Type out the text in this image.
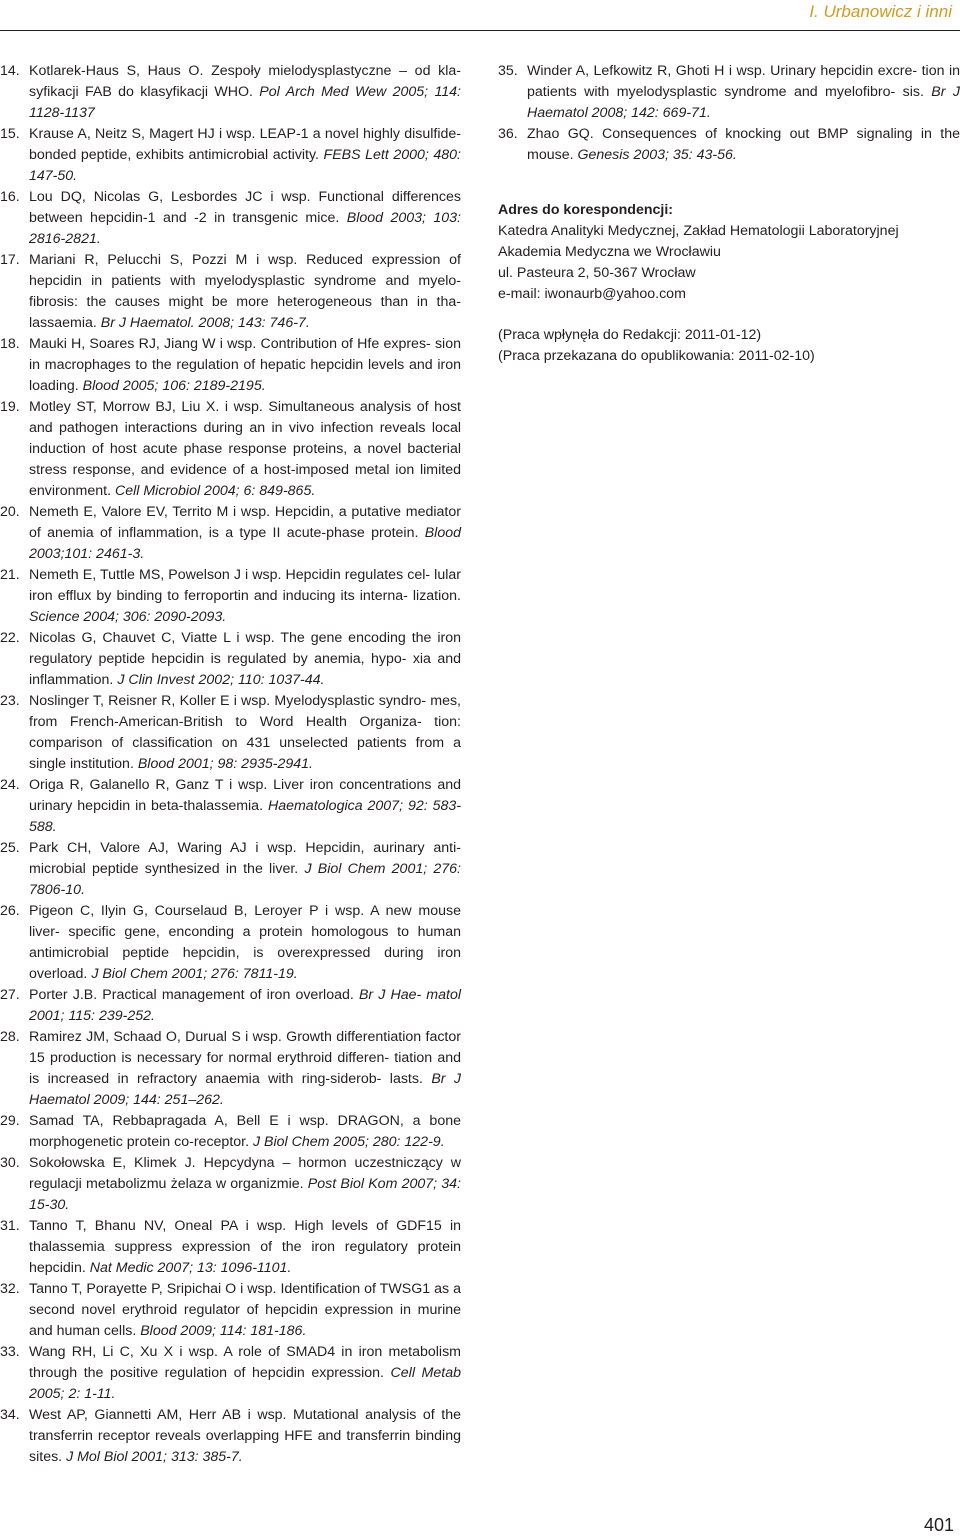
I. Urbanowicz i inni
14. Kotlarek-Haus S, Haus O. Zespoły mielodysplastyczne – od kla- syfikacji FAB do klasyfikacji WHO. Pol Arch Med Wew 2005; 114: 1128-1137
15. Krause A, Neitz S, Magert HJ i wsp. LEAP-1 a novel highly disulfide-bonded peptide, exhibits antimicrobial activity. FEBS Lett 2000; 480: 147-50.
16. Lou DQ, Nicolas G, Lesbordes JC i wsp. Functional differences between hepcidin-1 and -2 in transgenic mice. Blood 2003; 103: 2816-2821.
17. Mariani R, Pelucchi S, Pozzi M i wsp. Reduced expression of hepcidin in patients with myelodysplastic syndrome and myelo- fibrosis: the causes might be more heterogeneous than in tha- lassaemia. Br J Haematol. 2008; 143: 746-7.
18. Mauki H, Soares RJ, Jiang W i wsp. Contribution of Hfe expres- sion in macrophages to the regulation of hepatic hepcidin levels and iron loading. Blood 2005; 106: 2189-2195.
19. Motley ST, Morrow BJ, Liu X. i wsp. Simultaneous analysis of host and pathogen interactions during an in vivo infection reveals local induction of host acute phase response proteins, a novel bacterial stress response, and evidence of a host-imposed metal ion limited environment. Cell Microbiol 2004; 6: 849-865.
20. Nemeth E, Valore EV, Territo M i wsp. Hepcidin, a putative mediator of anemia of inflammation, is a type II acute-phase protein. Blood 2003;101: 2461-3.
21. Nemeth E, Tuttle MS, Powelson J i wsp. Hepcidin regulates cel- lular iron efflux by binding to ferroportin and inducing its interna- lization. Science 2004; 306: 2090-2093.
22. Nicolas G, Chauvet C, Viatte L i wsp. The gene encoding the iron regulatory peptide hepcidin is regulated by anemia, hypo- xia and inflammation. J Clin Invest 2002; 110: 1037-44.
23. Noslinger T, Reisner R, Koller E i wsp. Myelodysplastic syndro- mes, from French-American-British to Word Health Organiza- tion: comparison of classification on 431 unselected patients from a single institution. Blood 2001; 98: 2935-2941.
24. Origa R, Galanello R, Ganz T i wsp. Liver iron concentrations and urinary hepcidin in beta-thalassemia. Haematologica 2007; 92: 583-588.
25. Park CH, Valore AJ, Waring AJ i wsp. Hepcidin, aurinary anti- microbial peptide synthesized in the liver. J Biol Chem 2001; 276: 7806-10.
26. Pigeon C, Ilyin G, Courselaud B, Leroyer P i wsp. A new mouse liver- specific gene, enconding a protein homologous to human antimicrobial peptide hepcidin, is overexpressed during iron overload. J Biol Chem 2001; 276: 7811-19.
27. Porter J.B. Practical management of iron overload. Br J Hae- matol 2001; 115: 239-252.
28. Ramirez JM, Schaad O, Durual S i wsp. Growth differentiation factor 15 production is necessary for normal erythroid differen- tiation and is increased in refractory anaemia with ring-siderob- lasts. Br J Haematol 2009; 144: 251–262.
29. Samad TA, Rebbapragada A, Bell E i wsp. DRAGON, a bone morphogenetic protein co-receptor. J Biol Chem 2005; 280: 122-9.
30. Sokołowska E, Klimek J. Hepcydyna – hormon uczestniczący w regulacji metabolizmu żelaza w organizmie. Post Biol Kom 2007; 34: 15-30.
31. Tanno T, Bhanu NV, Oneal PA i wsp. High levels of GDF15 in thalassemia suppress expression of the iron regulatory protein hepcidin. Nat Medic 2007; 13: 1096-1101.
32. Tanno T, Porayette P, Sripichai O i wsp. Identification of TWSG1 as a second novel erythroid regulator of hepcidin expression in murine and human cells. Blood 2009; 114: 181-186.
33. Wang RH, Li C, Xu X i wsp. A role of SMAD4 in iron metabolism through the positive regulation of hepcidin expression. Cell Metab 2005; 2: 1-11.
34. West AP, Giannetti AM, Herr AB i wsp. Mutational analysis of the transferrin receptor reveals overlapping HFE and transferrin binding sites. J Mol Biol 2001; 313: 385-7.
35. Winder A, Lefkowitz R, Ghoti H i wsp. Urinary hepcidin excre- tion in patients with myelodysplastic syndrome and myelofibro- sis. Br J Haematol 2008; 142: 669-71.
36. Zhao GQ. Consequences of knocking out BMP signaling in the mouse. Genesis 2003; 35: 43-56.
Adres do korespondencji:
Katedra Analityki Medycznej, Zakład Hematologii Laboratoryjnej
Akademia Medyczna we Wrocławiu
ul. Pasteura 2, 50-367 Wrocław
e-mail: iwonaurb@yahoo.com
(Praca wpłynęła do Redakcji: 2011-01-12)
(Praca przekazana do opublikowania: 2011-02-10)
401
